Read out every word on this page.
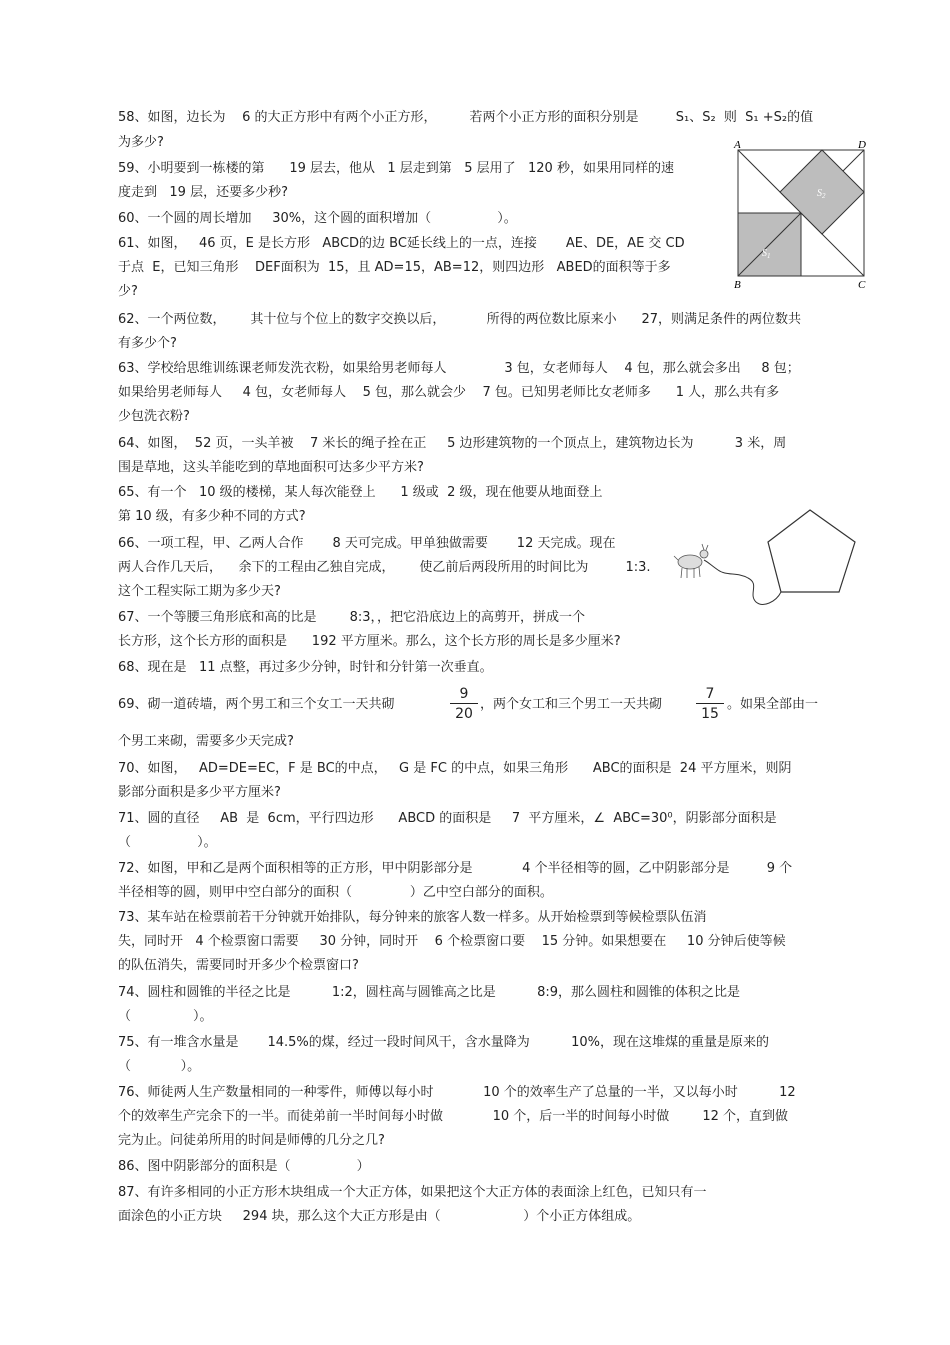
58、如图，边长为    6 的大正方形中有两个小正方形，        若两个小正方形的面积分别是         S₁、S₂  则  S₁ +S₂的值
为多少?
59、小明要到一栋楼的第      19 层去，他从   1 层走到第   5 层用了   120 秒，如果用同样的速
度走到   19 层，还要多少秒?
60、一个圆的周长增加     30%，这个圆的面积增加（                ）。
61、如图，   46 页，E 是长方形   ABCD的边 BC延长线上的一点，连接       AE、DE，AE 交 CD
于点  E，已知三角形    DEF面积为  15，且 AD=15，AB=12，则四边形   ABED的面积等于多
少?
62、一个两位数，      其十位与个位上的数字交换以后，          所得的两位数比原来小      27，则满足条件的两位数共
有多少个?
63、学校给思维训练课老师发洗衣粉，如果给男老师每人              3 包，女老师每人    4 包，那么就会多出     8 包；
如果给男老师每人     4 包，女老师每人    5 包，那么就会少    7 包。已知男老师比女老师多      1 人，那么共有多
少包洗衣粉?
64、如图，  52 页，一头羊被    7 米长的绳子拴在正     5 边形建筑物的一个顶点上，建筑物边长为          3 米，周
围是草地，这头羊能吃到的草地面积可达多少平方米?
65、有一个   10 级的楼梯，某人每次能登上      1 级或  2 级，现在他要从地面登上
第 10 级，有多少种不同的方式?
66、一项工程，甲、乙两人合作       8 天可完成。甲单独做需要       12 天完成。现在
两人合作几天后，    余下的工程由乙独自完成，      使乙前后两段所用的时间比为         1:3.
这个工程实际工期为多少天?
67、一个等腰三角形底和高的比是        8:3，，把它沿底边上的高剪开，拼成一个
长方形，这个长方形的面积是      192 平方厘米。那么，这个长方形的周长是多少厘米?
68、现在是   11 点整，再过多少分钟，时针和分针第一次垂直。
69、砌一道砖墙，两个男工和三个女工一天共砌	$\frac{9}{20}$ ，两个女工和三个男工一天共砌 $\frac{7}{15}$ 。如果全部由一
个男工来砌，需要多少天完成?
70、如图，   AD=DE=EC，F 是 BC的中点，   G 是 FC 的中点，如果三角形      ABC的面积是  24 平方厘米，则阴
影部分面积是多少平方厘米?
71、圆的直径     AB  是  6cm，平行四边形      ABCD 的面积是     7  平方厘米，∠  ABC=30⁰，阴影部分面积是
（                ）。
72、如图，甲和乙是两个面积相等的正方形，甲中阴影部分是            4 个半径相等的圆，乙中阴影部分是         9 个
半径相等的圆，则甲中空白部分的面积（              ）乙中空白部分的面积。
73、某车站在检票前若干分钟就开始排队，每分钟来的旅客人数一样多。从开始检票到等候检票队伍消
失，同时开   4 个检票窗口需要     30 分钟，同时开    6 个检票窗口要    15 分钟。如果想要在     10 分钟后使等候
的队伍消失，需要同时开多少个检票窗口?
74、圆柱和圆锥的半径之比是          1:2，圆柱高与圆锥高之比是          8:9，那么圆柱和圆锥的体积之比是
（               ）。
75、有一堆含水量是       14.5%的煤，经过一段时间风干，含水量降为          10%，现在这堆煤的重量是原来的
（            ）。
76、师徒两人生产数量相同的一种零件，师傅以每小时            10 个的效率生产了总量的一半，又以每小时          12
个的效率生产完余下的一半。而徒弟前一半时间每小时做            10 个，后一半的时间每小时做        12 个，直到做
完为止。问徒弟所用的时间是师傅的几分之几?
86、图中阴影部分的面积是（                ）
87、有许多相同的小正方形木块组成一个大正方体，如果把这个大正方体的表面涂上红色，已知只有一
面涂色的小正方块     294 块，那么这个大正方形是由（                    ）个小正方体组成。
A	D
B	C
$S_1$
$S_2$
